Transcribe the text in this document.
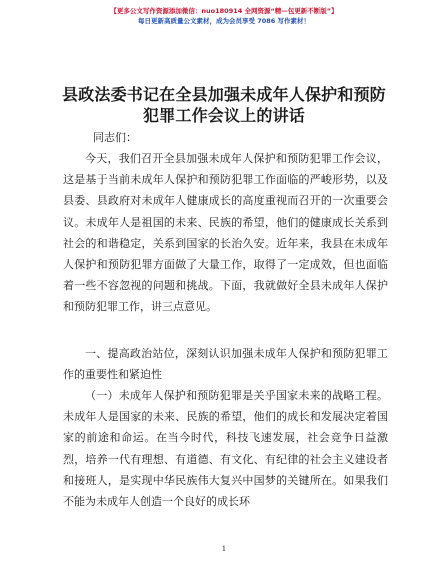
【更多公文写作资源添加微信：nuo180914 全网资源“精—包更新不断版”】
每日更新高质量公文素材，成为会员享受 7086 写作素材！
县政法委书记在全县加强未成年人保护和预防犯罪工作会议上的讲话
同志们：
今天，我们召开全县加强未成年人保护和预防犯罪工作会议，这是基于当前未成年人保护和预防犯罪工作面临的严峻形势，以及县委、县政府对未成年人健康成长的高度重视而召开的一次重要会议。未成年人是祖国的未来、民族的希望，他们的健康成长关系到社会的和谐稳定，关系到国家的长治久安。近年来，我县在未成年人保护和预防犯罪方面做了大量工作，取得了一定成效，但也面临着一些不容忽视的问题和挑战。下面，我就做好全县未成年人保护和预防犯罪工作，讲三点意见。
一、提高政治站位，深刻认识加强未成年人保护和预防犯罪工作的重要性和紧迫性
（一）未成年人保护和预防犯罪是关乎国家未来的战略工程。未成年人是国家的未来、民族的希望，他们的成长和发展决定着国家的前途和命运。在当今时代，科技飞速发展，社会竞争日益激烈，培养一代有理想、有道德、有文化、有纪律的社会主义建设者和接班人，是实现中华民族伟大复兴中国梦的关键所在。如果我们不能为未成年人创造一个良好的成长环
1
